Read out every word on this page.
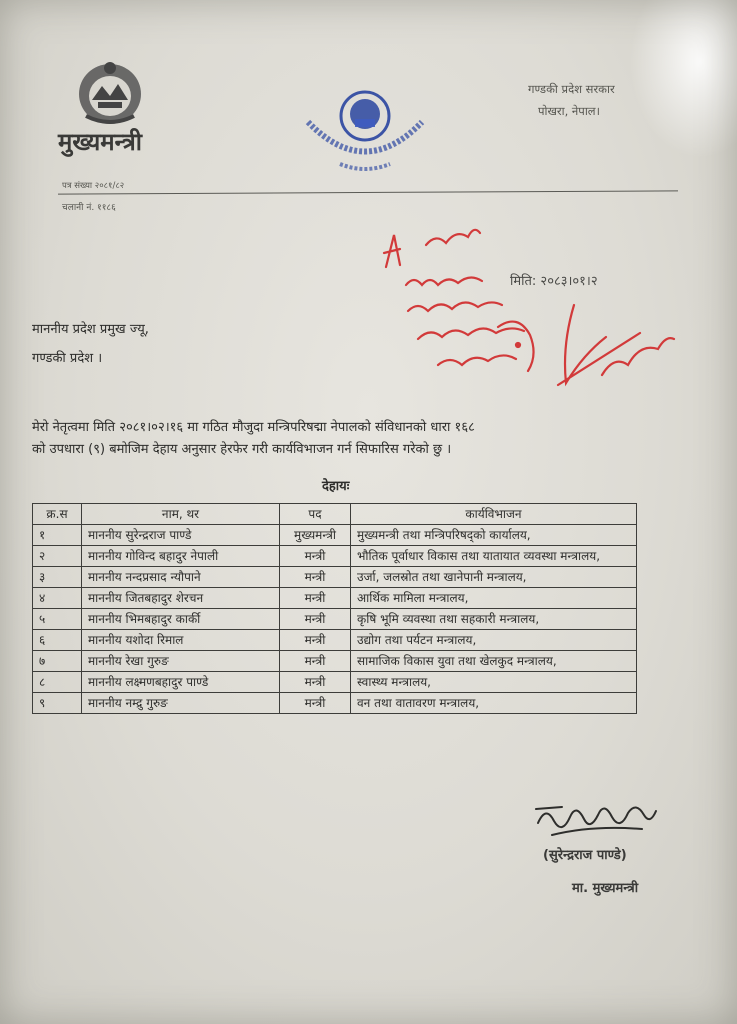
मुख्यमन्त्री
गण्डकी प्रदेश सरकार
पोखरा, नेपाल।
पत्र संख्या २०८१/८२
चलानी नं. ११८६
मिति: २०८३।०१।२
माननीय प्रदेश प्रमुख ज्यू,
गण्डकी प्रदेश ।
मेरो नेतृत्वमा मिति २०८१।०२।१६ मा गठित मौजुदा मन्त्रिपरिषद्मा नेपालको संविधानको धारा १६८
को उपधारा (९) बमोजिम देहाय अनुसार हेरफेर गरी कार्यविभाजन गर्न सिफारिस गरेको छु ।
देहायः
क्र.स	नाम, थर	पद	कार्यविभाजन
१	माननीय सुरेन्द्रराज पाण्डे	मुख्यमन्त्री	मुख्यमन्त्री तथा मन्त्रिपरिषद्को कार्यालय,
२	माननीय गोविन्द बहादुर नेपाली	मन्त्री	भौतिक पूर्वाधार विकास तथा यातायात व्यवस्था मन्त्रालय,
३	माननीय नन्दप्रसाद न्यौपाने	मन्त्री	उर्जा, जलस्रोत तथा खानेपानी मन्त्रालय,
४	माननीय जितबहादुर शेरचन	मन्त्री	आर्थिक मामिला मन्त्रालय,
५	माननीय भिमबहादुर कार्की	मन्त्री	कृषि भूमि व्यवस्था तथा सहकारी मन्त्रालय,
६	माननीय यशोदा रिमाल	मन्त्री	उद्योग तथा पर्यटन मन्त्रालय,
७	माननीय रेखा गुरुङ	मन्त्री	सामाजिक विकास युवा तथा खेलकुद मन्त्रालय,
८	माननीय लक्ष्मणबहादुर पाण्डे	मन्त्री	स्वास्थ्य मन्त्रालय,
९	माननीय नम्द्रु गुरुङ	मन्त्री	वन तथा वातावरण मन्त्रालय,
(सुरेन्द्रराज पाण्डे)
मा. मुख्यमन्त्री
